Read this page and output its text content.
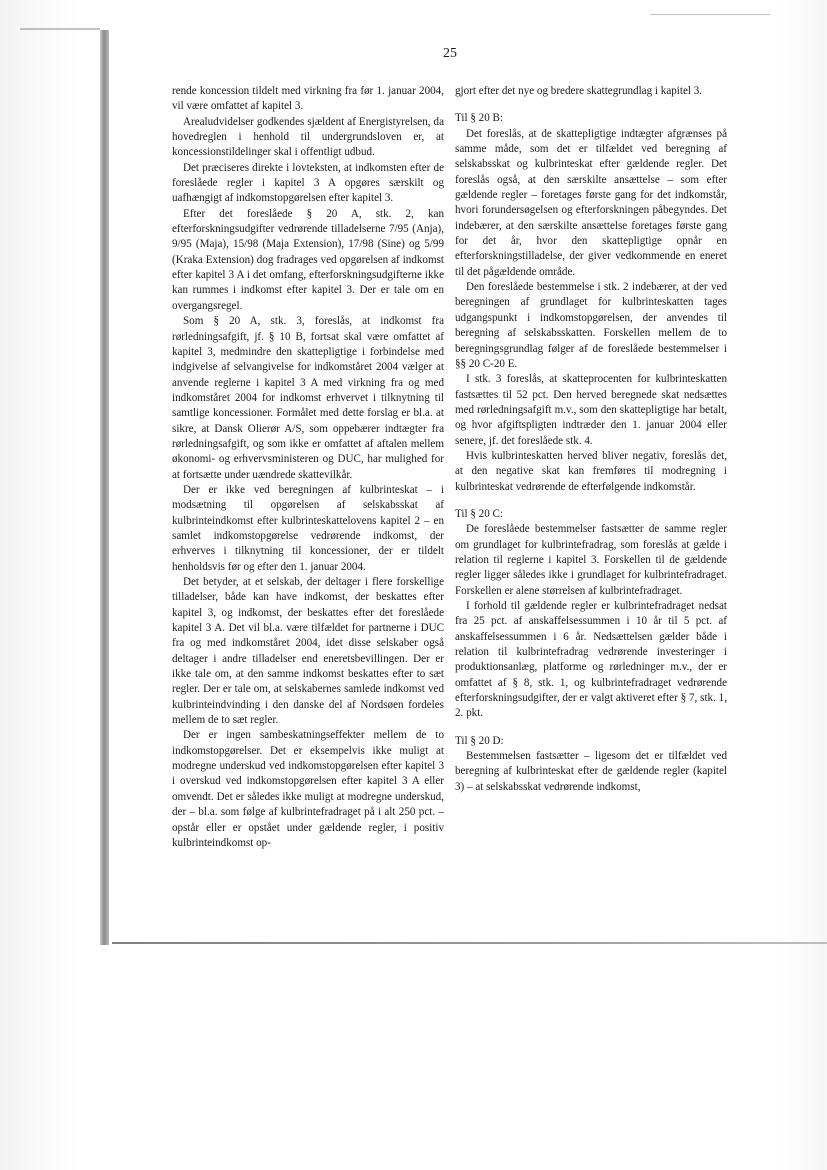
25

rende koncession tildelt med virkning fra før 1. januar 2004, vil være omfattet af kapitel 3.

Arealudvidelser godkendes sjældent af Energistyrelsen, da hovedreglen i henhold til undergrundsloven er, at koncessionstildelinger skal i offentligt udbud.

Det præciseres direkte i lovteksten, at indkomsten efter de foreslåede regler i kapitel 3 A opgøres særskilt og uafhængigt af indkomstopgørelsen efter kapitel 3.

Efter det foreslåede § 20 A, stk. 2, kan efterforskningsudgifter vedrørende tilladelserne 7/95 (Anja), 9/95 (Maja), 15/98 (Maja Extension), 17/98 (Sine) og 5/99 (Kraka Extension) dog fradrages ved opgørelsen af indkomst efter kapitel 3 A i det omfang, efterforskningsudgifterne ikke kan rummes i indkomst efter kapitel 3. Der er tale om en overgangsregel.

Som § 20 A, stk. 3, foreslås, at indkomst fra rørledningsafgift, jf. § 10 B, fortsat skal være omfattet af kapitel 3, medmindre den skattepligtige i forbindelse med indgivelse af selvangivelse for indkomståret 2004 vælger at anvende reglerne i kapitel 3 A med virkning fra og med indkomståret 2004 for indkomst erhvervet i tilknytning til samtlige koncessioner. Formålet med dette forslag er bl.a. at sikre, at Dansk Olierør A/S, som oppebærer indtægter fra rørledningsafgift, og som ikke er omfattet af aftalen mellem økonomi- og erhvervsministeren og DUC, har mulighed for at fortsætte under uændrede skattevilkår.

Der er ikke ved beregningen af kulbrinteskat – i modsætning til opgørelsen af selskabsskat af kulbrinteindkomst efter kulbrinteskattelovens kapitel 2 – en samlet indkomstopgørelse vedrørende indkomst, der erhverves i tilknytning til koncessioner, der er tildelt henholdsvis før og efter den 1. januar 2004.

Det betyder, at et selskab, der deltager i flere forskellige tilladelser, både kan have indkomst, der beskattes efter kapitel 3, og indkomst, der beskattes efter det foreslåede kapitel 3 A. Det vil bl.a. være tilfældet for partnerne i DUC fra og med indkomståret 2004, idet disse selskaber også deltager i andre tilladelser end eneretsbevillingen. Der er ikke tale om, at den samme indkomst beskattes efter to sæt regler. Der er tale om, at selskabernes samlede indkomst ved kulbrinteindvinding i den danske del af Nordsøen fordeles mellem de to sæt regler.

Der er ingen sambeskatningseffekter mellem de to indkomstopgørelser. Det er eksempelvis ikke muligt at modregne underskud ved indkomstopgørelsen efter kapitel 3 i overskud ved indkomstopgørelsen efter kapitel 3 A eller omvendt. Det er således ikke muligt at modregne underskud, der – bl.a. som følge af kulbrintefradraget på i alt 250 pct. – opstår eller er opstået under gældende regler, i positiv kulbrinteindkomst op-

gjort efter det nye og bredere skattegrundlag i kapitel 3.

Til § 20 B:

Det foreslås, at de skattepligtige indtægter afgrænses på samme måde, som det er tilfældet ved beregning af selskabsskat og kulbrinteskat efter gældende regler. Det foreslås også, at den særskilte ansættelse – som efter gældende regler – foretages første gang for det indkomstår, hvori forundersøgelsen og efterforskningen påbegyndes. Det indebærer, at den særskilte ansættelse foretages første gang for det år, hvor den skattepligtige opnår en efterforskningstilladelse, der giver vedkommende en eneret til det pågældende område.

Den foreslåede bestemmelse i stk. 2 indebærer, at der ved beregningen af grundlaget for kulbrinteskatten tages udgangspunkt i indkomstopgørelsen, der anvendes til beregning af selskabsskatten. Forskellen mellem de to beregningsgrundlag følger af de foreslåede bestemmelser i §§ 20 C-20 E.

I stk. 3 foreslås, at skatteprocenten for kulbrinteskatten fastsættes til 52 pct. Den herved beregnede skat nedsættes med rørledningsafgift m.v., som den skattepligtige har betalt, og hvor afgiftspligten indtræder den 1. januar 2004 eller senere, jf. det foreslåede stk. 4.

Hvis kulbrinteskatten herved bliver negativ, foreslås det, at den negative skat kan fremføres til modregning i kulbrinteskat vedrørende de efterfølgende indkomstår.

Til § 20 C:

De foreslåede bestemmelser fastsætter de samme regler om grundlaget for kulbrintefradrag, som foreslås at gælde i relation til reglerne i kapitel 3. Forskellen til de gældende regler ligger således ikke i grundlaget for kulbrintefradraget. Forskellen er alene størrelsen af kulbrintefradraget.

I forhold til gældende regler er kulbrintefradraget nedsat fra 25 pct. af anskaffelsessummen i 10 år til 5 pct. af anskaffelsessummen i 6 år. Nedsættelsen gælder både i relation til kulbrintefradrag vedrørende investeringer i produktionsanlæg, platforme og rørledninger m.v., der er omfattet af § 8, stk. 1, og kulbrintefradraget vedrørende efterforskningsudgifter, der er valgt aktiveret efter § 7, stk. 1, 2. pkt.

Til § 20 D:

Bestemmelsen fastsætter – ligesom det er tilfældet ved beregning af kulbrinteskat efter de gældende regler (kapitel 3) – at selskabsskat vedrørende indkomst,
